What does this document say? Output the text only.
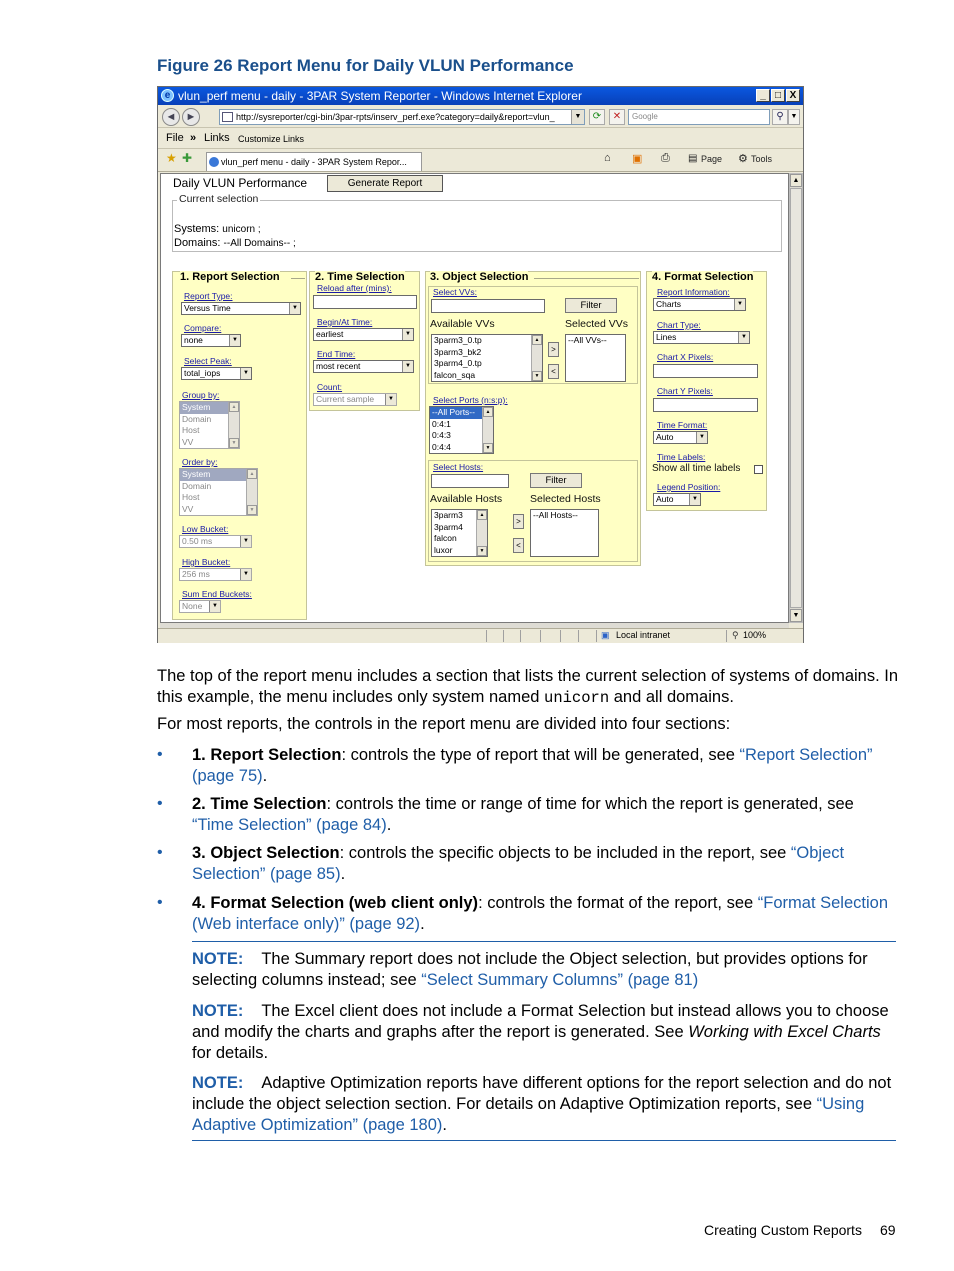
Figure 26 Report Menu for Daily VLUN Performance
e vlun_perf menu - daily - 3PAR System Reporter - Windows Internet Explorer	_ □ X
◄ ►	http://sysreporter/cgi-bin/3par-rpts/inserv_perf.exe?category=daily&report=vlun_	▼	⟳	✕	Google	⚲ ▼
File » Links Customize Links
★ ✚	vlun_perf menu - daily - 3PAR System Repor...	⌂ ▣ ⎙ ▤ Page ⚙ Tools
Daily VLUN Performance	Generate Report
Current selection
Systems: unicorn ;
Domains: --All Domains-- ;
1. Report Selection
Report Type:
Versus Time	▼
Compare:
none	▼
Select Peak:
total_iops	▼
Group by:
System
Domain
Host
VV
▲
▼
Order by:
System
Domain
Host
VV
▲
▼
Low Bucket:
0.50 ms	▼
High Bucket:
256 ms	▼
Sum End Buckets:
None	▼
2. Time Selection
Reload after (mins):
Begin/At Time:
earliest	▼
End Time:
most recent	▼
Count:
Current sample	▼
3. Object Selection
Select VVs:
Filter
Available VVs	Selected VVs
3parm3_0.tp
3parm3_bk2
3parm4_0.tp
falcon_sqa
▲
▼
>
<
--All VVs--
Select Ports (n:s:p):
--All Ports--
0:4:1
0:4:3
0:4:4
▲
▼
Select Hosts:
Filter
Available Hosts	Selected Hosts
3parm3
3parm4
falcon
luxor
▲
▼
>
<
--All Hosts--
4. Format Selection
Report Information:
Charts	▼
Chart Type:
Lines	▼
Chart X Pixels:
Chart Y Pixels:
Time Format:
Auto	▼
Time Labels:
Show all time labels
Legend Position:
Auto	▼
▲
▼
▣ Local intranet	⚲ 100%
The top of the report menu includes a section that lists the current selection of systems of domains. In this example, the menu includes only system named unicorn and all domains.
For most reports, the controls in the report menu are divided into four sections:
•	1. Report Selection: controls the type of report that will be generated, see “Report Selection” (page 75).
•	2. Time Selection: controls the time or range of time for which the report is generated, see “Time Selection” (page 84).
•	3. Object Selection: controls the specific objects to be included in the report, see “Object Selection” (page 85).
•	4. Format Selection (web client only): controls the format of the report, see “Format Selection (Web interface only)” (page 92).
NOTE: The Summary report does not include the Object selection, but provides options for selecting columns instead; see “Select Summary Columns” (page 81)
NOTE: The Excel client does not include a Format Selection but instead allows you to choose and modify the charts and graphs after the report is generated. See Working with Excel Charts for details.
NOTE: Adaptive Optimization reports have different options for the report selection and do not include the object selection section. For details on Adaptive Optimization reports, see “Using Adaptive Optimization” (page 180).
Creating Custom Reports 69
